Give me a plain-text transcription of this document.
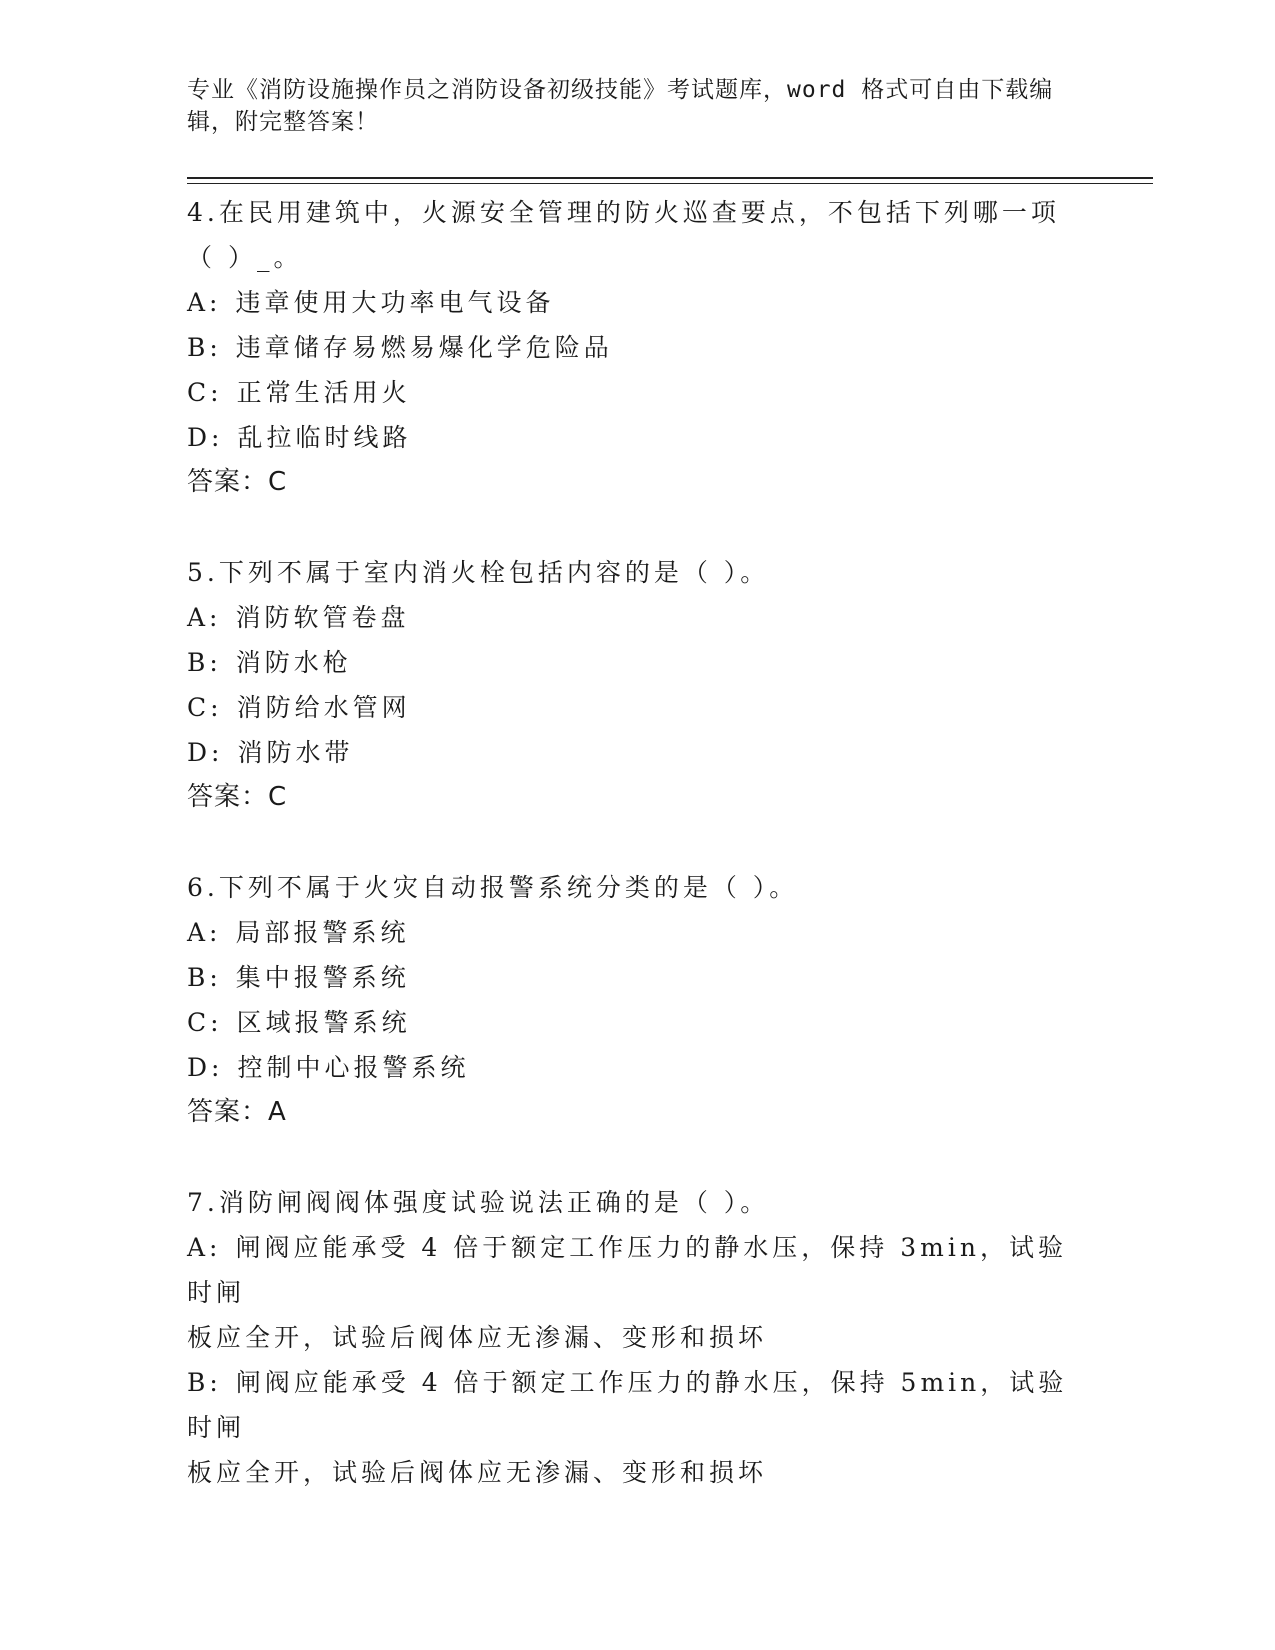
专业《消防设施操作员之消防设备初级技能》考试题库，word 格式可自由下载编
辑，附完整答案！

4.在民用建筑中，火源安全管理的防火巡查要点，不包括下列哪一项

（ ）_。

A: 违章使用大功率电气设备

B: 违章储存易燃易爆化学危险品

C: 正常生活用火

D: 乱拉临时线路

答案：C

5.下列不属于室内消火栓包括内容的是（ ）。

A: 消防软管卷盘

B: 消防水枪

C: 消防给水管网

D: 消防水带

答案：C

6.下列不属于火灾自动报警系统分类的是（ ）。

A: 局部报警系统

B: 集中报警系统

C: 区域报警系统

D: 控制中心报警系统

答案：A

7.消防闸阀阀体强度试验说法正确的是（ ）。

A: 闸阀应能承受 4 倍于额定工作压力的静水压，保持 3min，试验时闸

板应全开，试验后阀体应无渗漏、变形和损坏

B: 闸阀应能承受 4 倍于额定工作压力的静水压，保持 5min，试验时闸

板应全开，试验后阀体应无渗漏、变形和损坏
